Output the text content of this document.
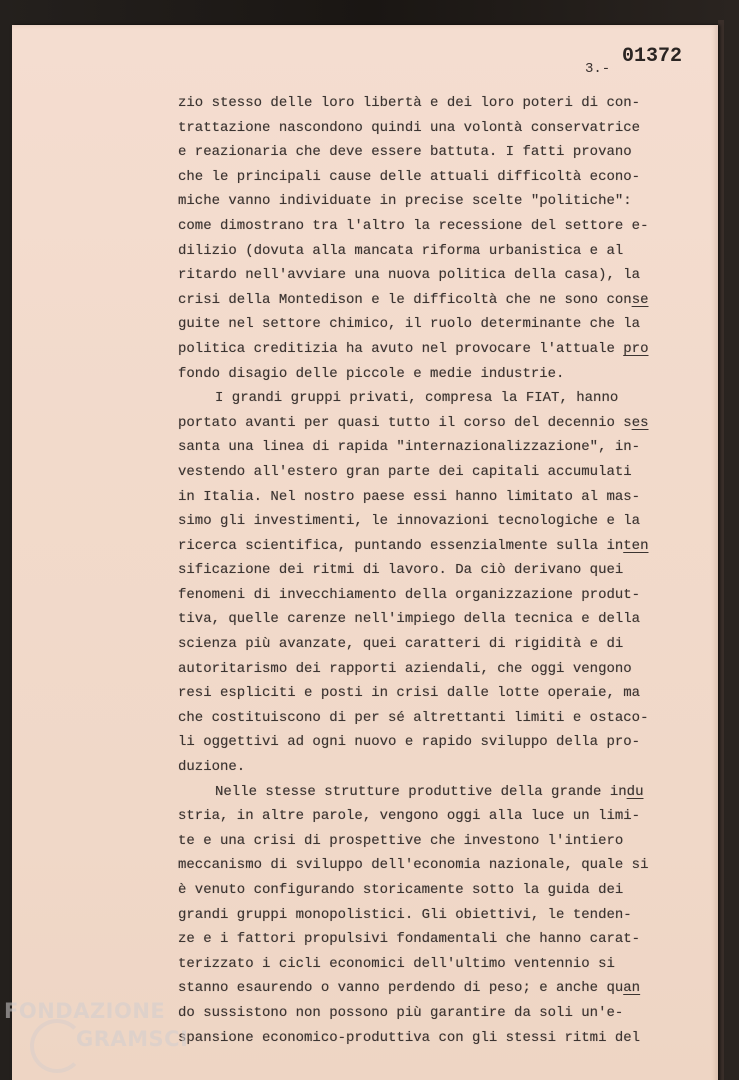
01372
3.-
zio stesso delle loro libertà e dei loro poteri di con-
trattazione nascondono quindi una volontà conservatrice
e reazionaria che deve essere battuta. I fatti provano
che le principali cause delle attuali difficoltà econo-
miche vanno individuate in precise scelte "politiche":
come dimostrano tra l'altro la recessione del settore e-
dilizio (dovuta alla mancata riforma urbanistica e al
ritardo nell'avviare una nuova politica della casa), la
crisi della Montedison e le difficoltà che ne sono conse
guite nel settore chimico, il ruolo determinante che la
politica creditizia ha avuto nel provocare l'attuale pro
fondo disagio delle piccole e medie industrie.
I grandi gruppi privati, compresa la FIAT, hanno
portato avanti per quasi tutto il corso del decennio ses
santa una linea di rapida "internazionalizzazione", in-
vestendo all'estero gran parte dei capitali accumulati
in Italia. Nel nostro paese essi hanno limitato al mas-
simo gli investimenti, le innovazioni tecnologiche e la
ricerca scientifica, puntando essenzialmente sulla inten
sificazione dei ritmi di lavoro. Da ciò derivano quei
fenomeni di invecchiamento della organizzazione produt-
tiva, quelle carenze nell'impiego della tecnica e della
scienza più avanzate, quei caratteri di rigidità e di
autoritarismo dei rapporti aziendali, che oggi vengono
resi espliciti e posti in crisi dalle lotte operaie, ma
che costituiscono di per sé altrettanti limiti e ostaco-
li oggettivi ad ogni nuovo e rapido sviluppo della pro-
duzione.
Nelle stesse strutture produttive della grande indu
stria, in altre parole, vengono oggi alla luce un limi-
te e una crisi di prospettive che investono l'intiero
meccanismo di sviluppo dell'economia nazionale, quale si
è venuto configurando storicamente sotto la guida dei
grandi gruppi monopolistici. Gli obiettivi, le tenden-
ze e i fattori propulsivi fondamentali che hanno carat-
terizzato i cicli economici dell'ultimo ventennio si
stanno esaurendo o vanno perdendo di peso; e anche quan
do sussistono non possono più garantire da soli un'e-
spansione economico-produttiva con gli stessi ritmi del
FONDAZIONE
GRAMSCI
